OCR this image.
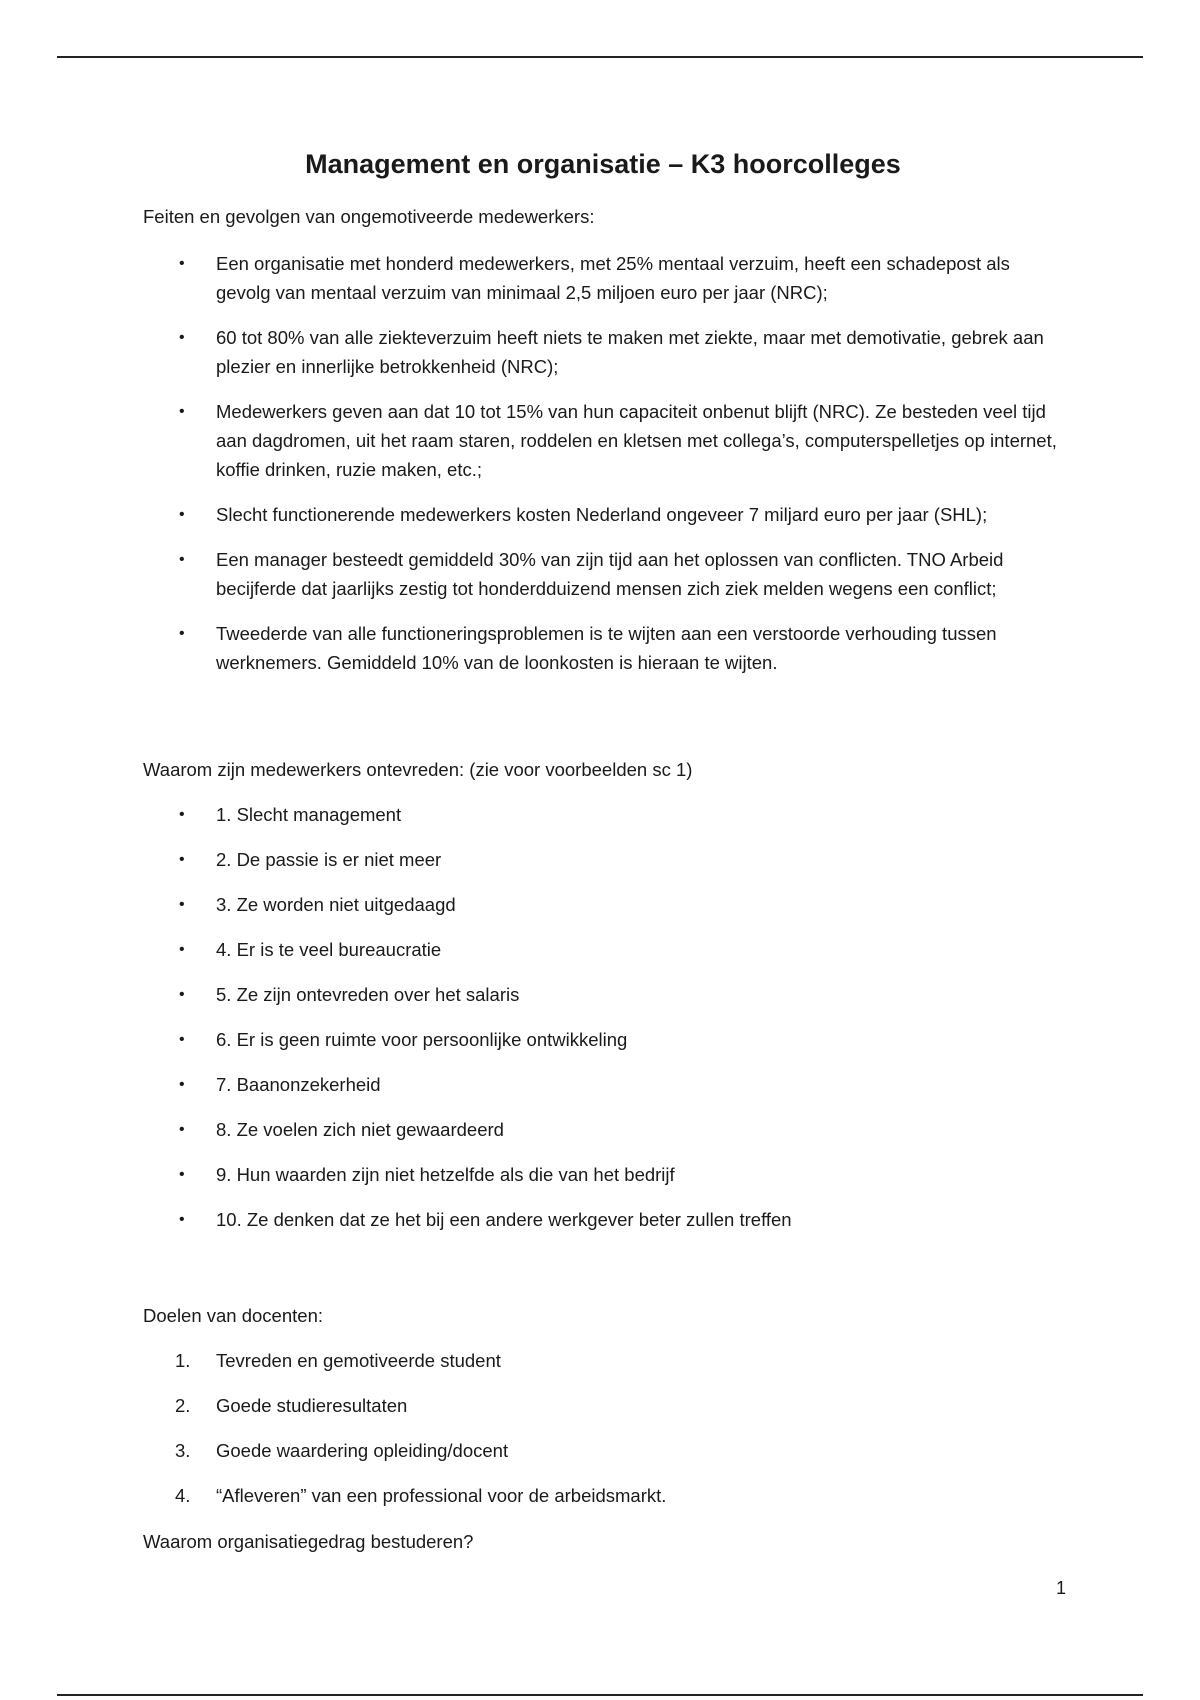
Management en organisatie – K3 hoorcolleges

Feiten en gevolgen van ongemotiveerde medewerkers:

• Een organisatie met honderd medewerkers, met 25% mentaal verzuim, heeft een schadepost als gevolg van mentaal verzuim van minimaal 2,5 miljoen euro per jaar (NRC);
• 60 tot 80% van alle ziekteverzuim heeft niets te maken met ziekte, maar met demotivatie, gebrek aan plezier en innerlijke betrokkenheid (NRC);
• Medewerkers geven aan dat 10 tot 15% van hun capaciteit onbenut blijft (NRC). Ze besteden veel tijd aan dagdromen, uit het raam staren, roddelen en kletsen met collega’s, computerspelletjes op internet, koffie drinken, ruzie maken, etc.;
• Slecht functionerende medewerkers kosten Nederland ongeveer 7 miljard euro per jaar (SHL);
• Een manager besteedt gemiddeld 30% van zijn tijd aan het oplossen van conflicten. TNO Arbeid becijferde dat jaarlijks zestig tot honderdduizend mensen zich ziek melden wegens een conflict;
• Tweederde van alle functioneringsproblemen is te wijten aan een verstoorde verhouding tussen werknemers. Gemiddeld 10% van de loonkosten is hieraan te wijten.

Waarom zijn medewerkers ontevreden: (zie voor voorbeelden sc 1)

• 1. Slecht management
• 2. De passie is er niet meer
• 3. Ze worden niet uitgedaagd
• 4. Er is te veel bureaucratie
• 5. Ze zijn ontevreden over het salaris
• 6. Er is geen ruimte voor persoonlijke ontwikkeling
• 7. Baanonzekerheid
• 8. Ze voelen zich niet gewaardeerd
• 9. Hun waarden zijn niet hetzelfde als die van het bedrijf
• 10. Ze denken dat ze het bij een andere werkgever beter zullen treffen

Doelen van docenten:

1. Tevreden en gemotiveerde student
2. Goede studieresultaten
3. Goede waardering opleiding/docent
4. “Afleveren” van een professional voor de arbeidsmarkt.

Waarom organisatiegedrag bestuderen?

1
